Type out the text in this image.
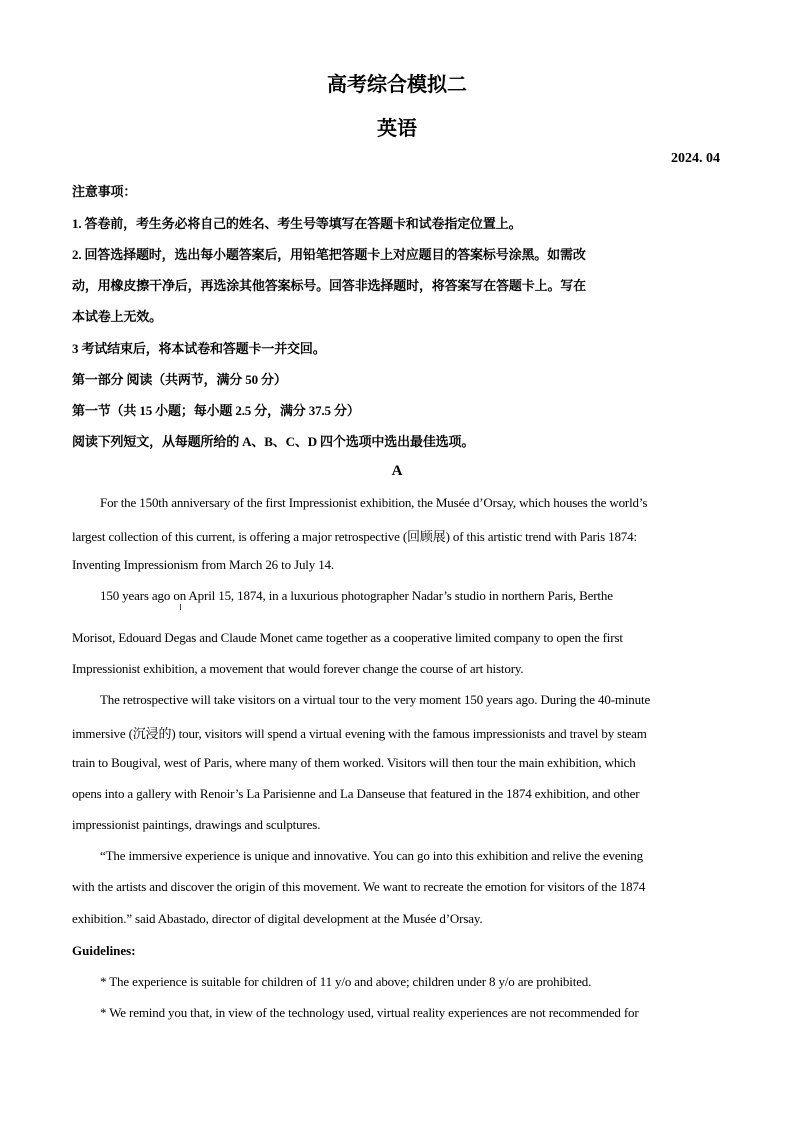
高考综合模拟二
英语
2024. 04
注意事项：
1. 答卷前，考生务必将自己的姓名、考生号等填写在答题卡和试卷指定位置上。
2. 回答选择题时，选出每小题答案后，用铅笔把答题卡上对应题目的答案标号涂黑。如需改
动，用橡皮擦干净后，再选涂其他答案标号。回答非选择题时，将答案写在答题卡上。写在
本试卷上无效。
3 考试结束后，将本试卷和答题卡一并交回。
第一部分 阅读（共两节，满分 50 分）
第一节（共 15 小题；每小题 2.5 分，满分 37.5 分）
阅读下列短文，从每题所给的 A、B、C、D 四个选项中选出最佳选项。
A
For the 150th anniversary of the first Impressionist exhibition, the Musée d’Orsay, which houses the world’s
largest collection of this current, is offering a major retrospective (回顾展) of this artistic trend with Paris 1874:
Inventing Impressionism from March 26 to July 14.
150 years ago on April 15, 1874, in a luxurious photographer Nadar’s studio in northern Paris, Berthe
Morisot, Edouard Degas and Claude Monet came together as a cooperative limited company to open the first
Impressionist exhibition, a movement that would forever change the course of art history.
The retrospective will take visitors on a virtual tour to the very moment 150 years ago. During the 40-minute
immersive (沉浸的) tour, visitors will spend a virtual evening with the famous impressionists and travel by steam
train to Bougival, west of Paris, where many of them worked. Visitors will then tour the main exhibition, which
opens into a gallery with Renoir’s La Parisienne and La Danseuse that featured in the 1874 exhibition, and other
impressionist paintings, drawings and sculptures.
“The immersive experience is unique and innovative. You can go into this exhibition and relive the evening
with the artists and discover the origin of this movement. We want to recreate the emotion for visitors of the 1874
exhibition.” said Abastado, director of digital development at the Musée d’Orsay.
Guidelines:
* The experience is suitable for children of 11 y/o and above; children under 8 y/o are prohibited.
* We remind you that, in view of the technology used, virtual reality experiences are not recommended for
